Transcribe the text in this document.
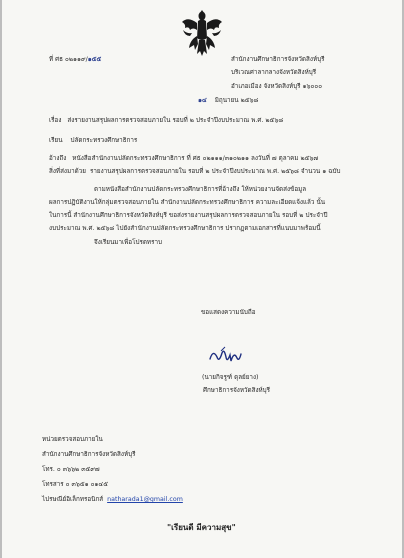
ที่ ศธ ๐๒๑๑๙/๑๕๕	สำนักงานศึกษาธิการจังหวัดสิงห์บุรี
บริเวณศาลากลางจังหวัดสิงห์บุรี
อำเภอเมือง จังหวัดสิงห์บุรี ๑๖๐๐๐
๑๔ มิถุนายน ๒๕๖๘
เรื่อง ส่งรายงานสรุปผลการตรวจสอบภายใน รอบที่ ๒ ประจำปีงบประมาณ พ.ศ. ๒๕๖๘
เรียน ปลัดกระทรวงศึกษาธิการ
อ้างถึง หนังสือสำนักงานปลัดกระทรวงศึกษาธิการ ที่ ศธ ๐๒๑๑๑/๓๑๐๒๑๑ ลงวันที่ ๗ ตุลาคม ๒๕๖๗
สิ่งที่ส่งมาด้วย รายงานสรุปผลการตรวจสอบภายใน รอบที่ ๒ ประจำปีงบประมาณ พ.ศ. ๒๕๖๘ จำนวน ๑ ฉบับ
ตามหนังสือสำนักงานปลัดกระทรวงศึกษาธิการที่อ้างถึง ให้หน่วยงานจัดส่งข้อมูล
ผลการปฏิบัติงานให้กลุ่มตรวจสอบภายใน สำนักงานปลัดกระทรวงศึกษาธิการ ความละเอียดแจ้งแล้ว นั้น
ในการนี้ สำนักงานศึกษาธิการจังหวัดสิงห์บุรี ขอส่งรายงานสรุปผลการตรวจสอบภายใน รอบที่ ๒ ประจำปี
งบประมาณ พ.ศ. ๒๕๖๘ ไปยังสำนักงานปลัดกระทรวงศึกษาธิการ ปรากฏตามเอกสารที่แนบมาพร้อมนี้
จึงเรียนมาเพื่อโปรดทราบ
ขอแสดงความนับถือ
(นายกิจรูฑ์ ดุลย์ยาง)
ศึกษาธิการจังหวัดสิงห์บุรี
หน่วยตรวจสอบภายใน
สำนักงานศึกษาธิการจังหวัดสิงห์บุรี
โทร. ๐ ๓๖๖๒ ๓๕๙๗
โทรสาร ๐ ๓๖๕๑ ๐๑๔๕
ไปรษณีย์อิเล็กทรอนิกส์ natharada1@gmail.com
"เรียนดี มีความสุข"
